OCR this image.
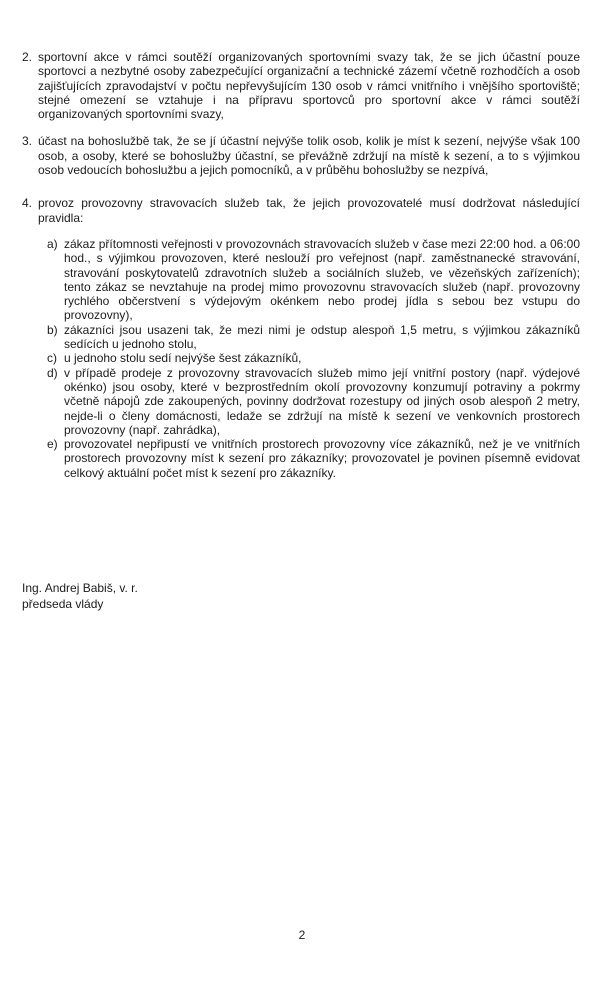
2. sportovní akce v rámci soutěží organizovaných sportovními svazy tak, že se jich účastní pouze sportovci a nezbytné osoby zabezpečující organizační a technické zázemí včetně rozhodčích a osob zajišťujících zpravodajství v počtu nepřevyšujícím 130 osob v rámci vnitřního i vnějšího sportoviště; stejné omezení se vztahuje i na přípravu sportovců pro sportovní akce v rámci soutěží organizovaných sportovními svazy,
3. účast na bohoslužbě tak, že se jí účastní nejvýše tolik osob, kolik je míst k sezení, nejvýše však 100 osob, a osoby, které se bohoslužby účastní, se převážně zdržují na místě k sezení, a to s výjimkou osob vedoucích bohoslužbu a jejich pomocníků, a v průběhu bohoslužby se nezpívá,
4. provoz provozovny stravovacích služeb tak, že jejich provozovatelé musí dodržovat následující pravidla:
a) zákaz přítomnosti veřejnosti v provozovnách stravovacích služeb v čase mezi 22:00 hod. a 06:00 hod., s výjimkou provozoven, které neslouží pro veřejnost (např. zaměstnanecké stravování, stravování poskytovatelů zdravotních služeb a sociálních služeb, ve vězeňských zařízeních); tento zákaz se nevztahuje na prodej mimo provozovnu stravovacích služeb (např. provozovny rychlého občerstvení s výdejovým okénkem nebo prodej jídla s sebou bez vstupu do provozovny),
b) zákazníci jsou usazeni tak, že mezi nimi je odstup alespoň 1,5 metru, s výjimkou zákazníků sedících u jednoho stolu,
c) u jednoho stolu sedí nejvýše šest zákazníků,
d) v případě prodeje z provozovny stravovacích služeb mimo její vnitřní postory (např. výdejové okénko) jsou osoby, které v bezprostředním okolí provozovny konzumují potraviny a pokrmy včetně nápojů zde zakoupených, povinny dodržovat rozestupy od jiných osob alespoň 2 metry, nejde-li o členy domácnosti, ledaže se zdržují na místě k sezení ve venkovních prostorech provozovny (např. zahrádka),
e) provozovatel nepřipustí ve vnitřních prostorech provozovny více zákazníků, než je ve vnitřních prostorech provozovny míst k sezení pro zákazníky; provozovatel je povinen písemně evidovat celkový aktuální počet míst k sezení pro zákazníky.
Ing. Andrej Babiš, v. r.
předseda vlády
2
